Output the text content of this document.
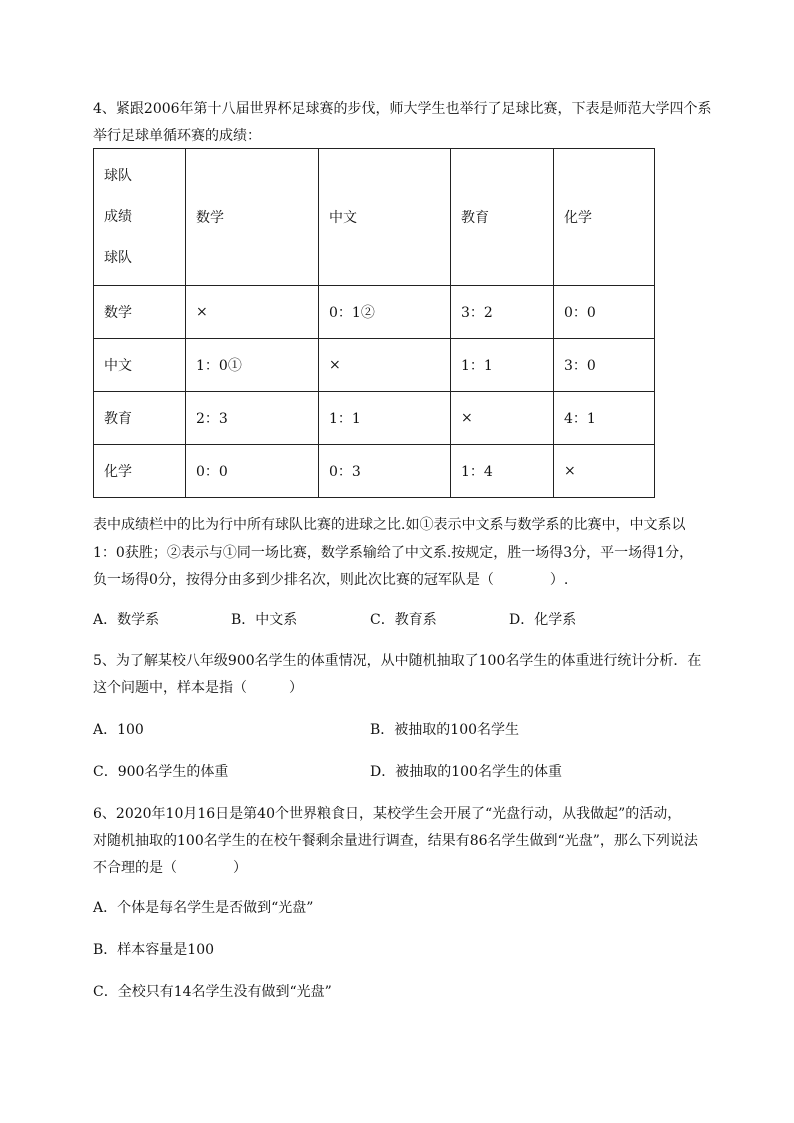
4、紧跟2006年第十八届世界杯足球赛的步伐，师大学生也举行了足球比赛，下表是师范大学四个系
举行足球单循环赛的成绩：
球队
成绩
球队	数学	中文	教育	化学
数学	×	0：1②	3：2	0：0
中文	1：0①	×	1：1	3：0
教育	2：3	1：1	×	4：1
化学	0：0	0：3	1：4	×
表中成绩栏中的比为行中所有球队比赛的进球之比.如①表示中文系与数学系的比赛中，中文系以
1：0获胜；②表示与①同一场比赛，数学系输给了中文系.按规定，胜一场得3分，平一场得1分，
负一场得0分，按得分由多到少排名次，则此次比赛的冠军队是（　　　　）.
A．数学系	B．中文系	C．教育系	D．化学系
5、为了解某校八年级900名学生的体重情况，从中随机抽取了100名学生的体重进行统计分析．在
这个问题中，样本是指（　　　）
A．100	B．被抽取的100名学生
C．900名学生的体重	D．被抽取的100名学生的体重
6、2020年10月16日是第40个世界粮食日，某校学生会开展了“光盘行动，从我做起”的活动，
对随机抽取的100名学生的在校午餐剩余量进行调查，结果有86名学生做到“光盘”，那么下列说法
不合理的是（　　　　）
A．个体是每名学生是否做到“光盘”
B．样本容量是100
C．全校只有14名学生没有做到“光盘”
